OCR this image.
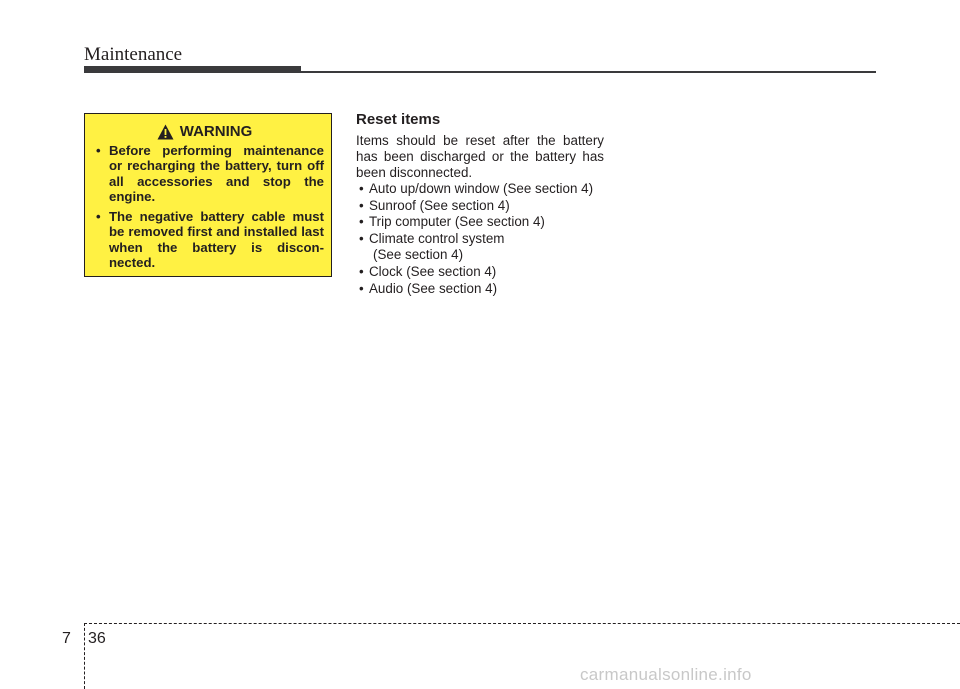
Maintenance
WARNING
• Before performing maintenance or recharging the battery, turn off all accessories and stop the engine.
• The negative battery cable must be removed first and installed last when the battery is discon-nected.
Reset items

Items should be reset after the battery has been discharged or the battery has been disconnected.

• Auto up/down window (See section 4)
• Sunroof (See section 4)
• Trip computer (See section 4)
• Climate control system
(See section 4)
• Clock (See section 4)
• Audio (See section 4)
7 36
carmanualsonline.info
